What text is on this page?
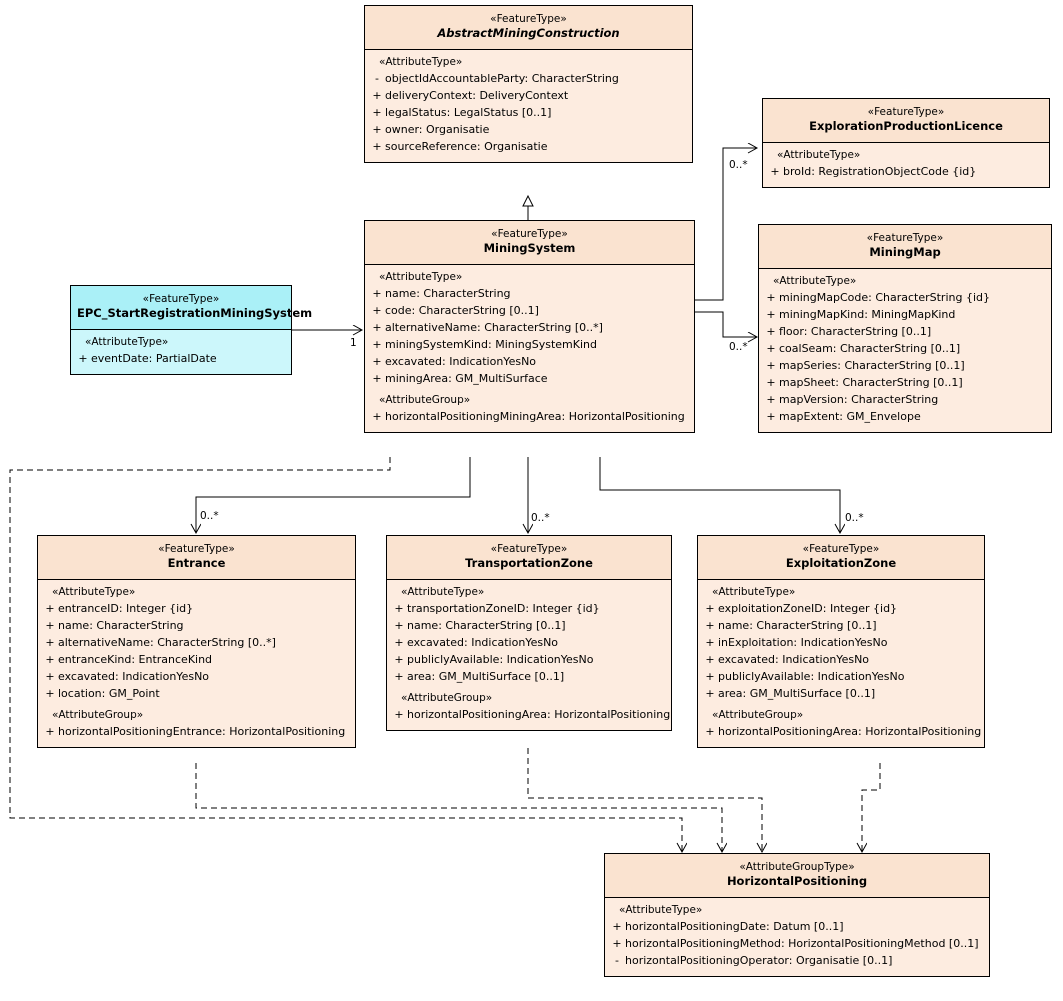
«FeatureType»
AbstractMiningConstruction
«AttributeType»
- objectIdAccountableParty: CharacterString
+ deliveryContext: DeliveryContext
+ legalStatus: LegalStatus [0..1]
+ owner: Organisatie
+ sourceReference: Organisatie
«FeatureType»
ExplorationProductionLicence
«AttributeType»
+ broId: RegistrationObjectCode {id}
«FeatureType»
MiningMap
«AttributeType»
+ miningMapCode: CharacterString {id}
+ miningMapKind: MiningMapKind
+ floor: CharacterString [0..1]
+ coalSeam: CharacterString [0..1]
+ mapSeries: CharacterString [0..1]
+ mapSheet: CharacterString [0..1]
+ mapVersion: CharacterString
+ mapExtent: GM_Envelope
«FeatureType»
MiningSystem
«AttributeType»
+ name: CharacterString
+ code: CharacterString [0..1]
+ alternativeName: CharacterString [0..*]
+ miningSystemKind: MiningSystemKind
+ excavated: IndicationYesNo
+ miningArea: GM_MultiSurface
«AttributeGroup»
+ horizontalPositioningMiningArea: HorizontalPositioning
«FeatureType»
EPC_StartRegistrationMiningSystem
«AttributeType»
+ eventDate: PartialDate
«FeatureType»
Entrance
«AttributeType»
+ entranceID: Integer {id}
+ name: CharacterString
+ alternativeName: CharacterString [0..*]
+ entranceKind: EntranceKind
+ excavated: IndicationYesNo
+ location: GM_Point
«AttributeGroup»
+ horizontalPositioningEntrance: HorizontalPositioning
«FeatureType»
TransportationZone
«AttributeType»
+ transportationZoneID: Integer {id}
+ name: CharacterString [0..1]
+ excavated: IndicationYesNo
+ publiclyAvailable: IndicationYesNo
+ area: GM_MultiSurface [0..1]
«AttributeGroup»
+ horizontalPositioningArea: HorizontalPositioning
«FeatureType»
ExploitationZone
«AttributeType»
+ exploitationZoneID: Integer {id}
+ name: CharacterString [0..1]
+ inExploitation: IndicationYesNo
+ excavated: IndicationYesNo
+ publiclyAvailable: IndicationYesNo
+ area: GM_MultiSurface [0..1]
«AttributeGroup»
+ horizontalPositioningArea: HorizontalPositioning
«AttributeGroupType»
HorizontalPositioning
«AttributeType»
+ horizontalPositioningDate: Datum [0..1]
+ horizontalPositioningMethod: HorizontalPositioningMethod [0..1]
- horizontalPositioningOperator: Organisatie [0..1]
0..*
0..*
1
0..*	0..*	0..*
